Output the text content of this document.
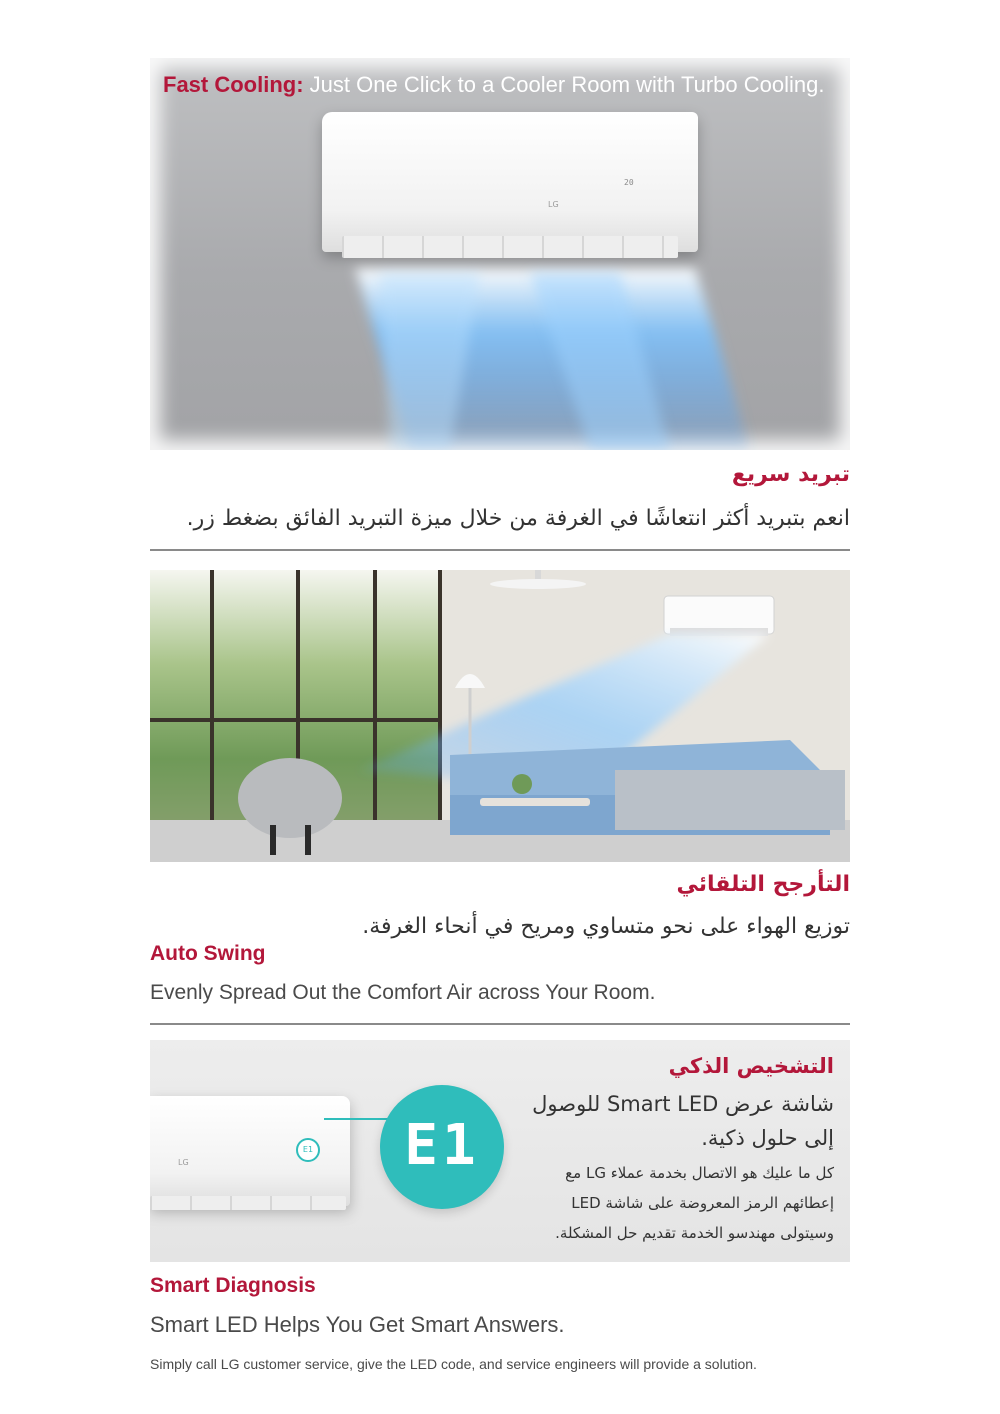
LG
20
Fast Cooling: Just One Click to a Cooler Room with Turbo Cooling.
تبريد سريع
انعم بتبريد أكثر انتعاشًا في الغرفة من خلال ميزة التبريد الفائق بضغط زر.
التأرجح التلقائي
توزيع الهواء على نحو متساوي ومريح في أنحاء الغرفة.
Auto Swing
Evenly Spread Out the Comfort Air across Your Room.
LG
E1	E1
التشخيص الذكي
شاشة عرض Smart LED للوصول
إلى حلول ذكية.
كل ما عليك هو الاتصال بخدمة عملاء LG مع
إعطائهم الرمز المعروضة على شاشة LED
وسيتولى مهندسو الخدمة تقديم حل المشكلة.
Smart Diagnosis
Smart LED Helps You Get Smart Answers.
Simply call LG customer service, give the LED code, and service engineers will provide a solution.
